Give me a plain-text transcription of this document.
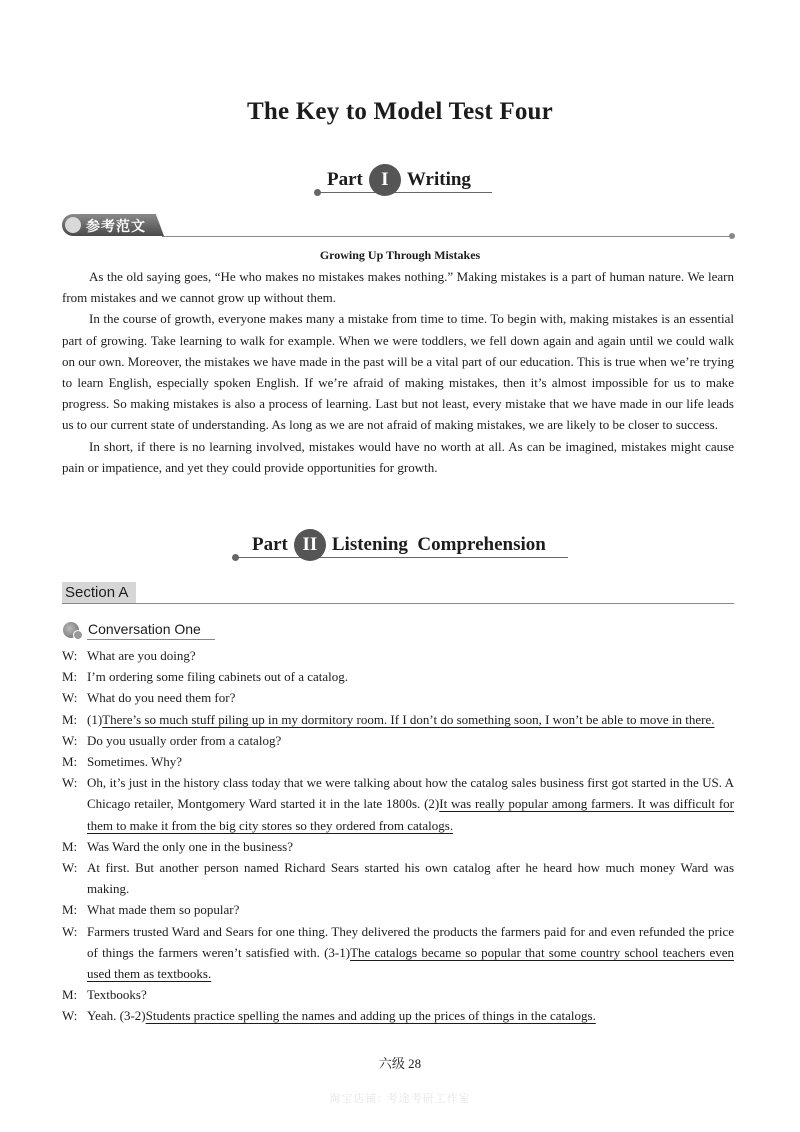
The Key to Model Test Four
Part I Writing
参考范文
Growing Up Through Mistakes

As the old saying goes, “He who makes no mistakes makes nothing.” Making mistakes is a part of human nature. We learn from mistakes and we cannot grow up without them.

In the course of growth, everyone makes many a mistake from time to time. To begin with, making mistakes is an essential part of growing. Take learning to walk for example. When we were toddlers, we fell down again and again until we could walk on our own. Moreover, the mistakes we have made in the past will be a vital part of our education. This is true when we’re trying to learn English, especially spoken English. If we’re afraid of making mistakes, then it’s almost impossible for us to make progress. So making mistakes is also a process of learning. Last but not least, every mistake that we have made in our life leads us to our current state of understanding. As long as we are not afraid of making mistakes, we are likely to be closer to success.

In short, if there is no learning involved, mistakes would have no worth at all. As can be imagined, mistakes might cause pain or impatience, and yet they could provide opportunities for growth.

Part II Listening  Comprehension
Section A
Conversation One
W: What are you doing?
M: I’m ordering some filing cabinets out of a catalog.
W: What do you need them for?
M: (1)There’s so much stuff piling up in my dormitory room. If I don’t do something soon, I won’t be able to move in there.
W: Do you usually order from a catalog?
M: Sometimes. Why?
W: Oh, it’s just in the history class today that we were talking about how the catalog sales business first got started in the US. A Chicago retailer, Montgomery Ward started it in the late 1800s. (2)It was really popular among farmers. It was difficult for them to make it from the big city stores so they ordered from catalogs.
M: Was Ward the only one in the business?
W: At first. But another person named Richard Sears started his own catalog after he heard how much money Ward was making.
M: What made them so popular?
W: Farmers trusted Ward and Sears for one thing. They delivered the products the farmers paid for and even refunded the price of things the farmers weren’t satisfied with. (3-1)The catalogs became so popular that some country school teachers even used them as textbooks.
M: Textbooks?
W: Yeah. (3-2)Students practice spelling the names and adding up the prices of things in the catalogs.
六级 28
淘宝店铺: 考途考研工作室
